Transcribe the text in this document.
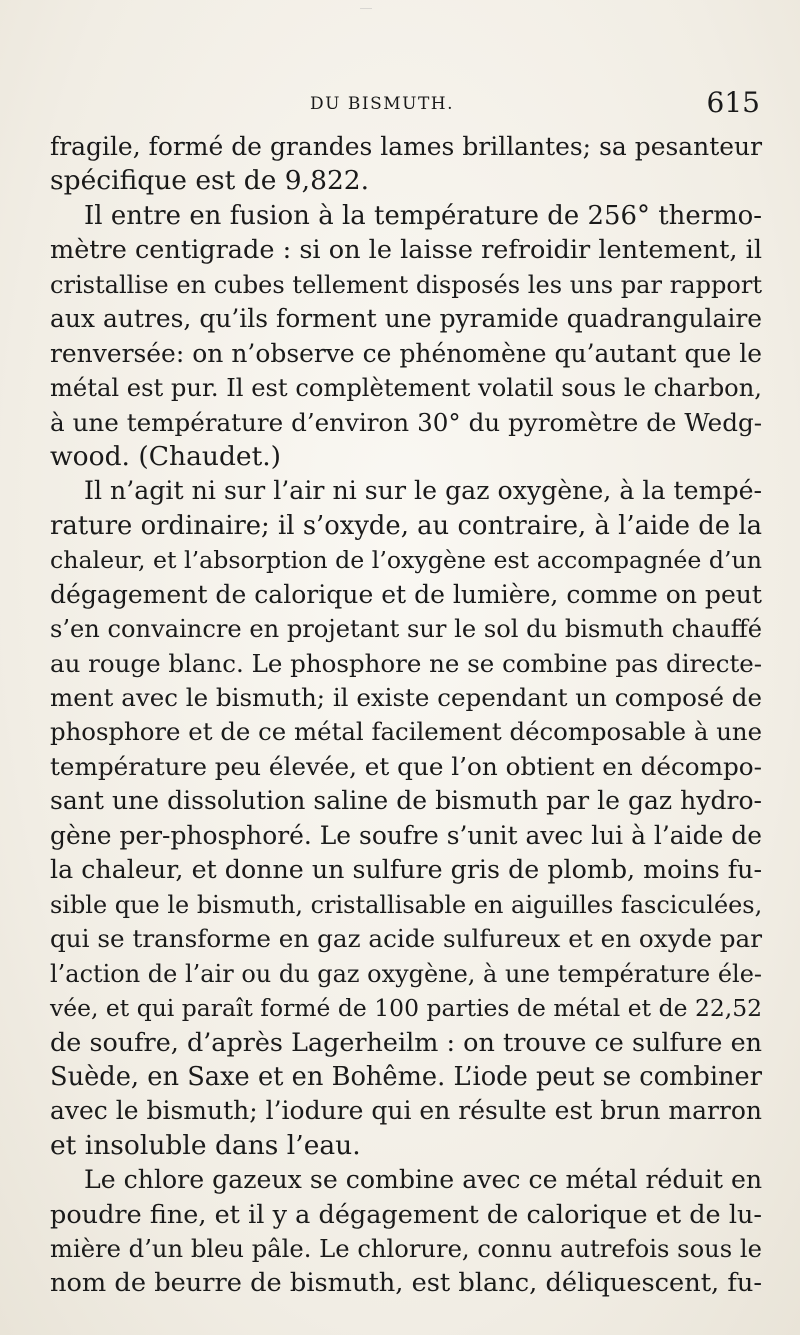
DU BISMUTH.	615
fragile, formé de grandes lames brillantes; sa pesanteur
spécifique est de 9,822.
Il entre en fusion à la température de 256° thermo-
mètre centigrade : si on le laisse refroidir lentement, il
cristallise en cubes tellement disposés les uns par rapport
aux autres, qu’ils forment une pyramide quadrangulaire
renversée: on n’observe ce phénomène qu’autant que le
métal est pur. Il est complètement volatil sous le charbon,
à une température d’environ 30° du pyromètre de Wedg-
wood. (Chaudet.)
Il n’agit ni sur l’air ni sur le gaz oxygène, à la tempé-
rature ordinaire; il s’oxyde, au contraire, à l’aide de la
chaleur, et l’absorption de l’oxygène est accompagnée d’un
dégagement de calorique et de lumière, comme on peut
s’en convaincre en projetant sur le sol du bismuth chauffé
au rouge blanc. Le phosphore ne se combine pas directe-
ment avec le bismuth; il existe cependant un composé de
phosphore et de ce métal facilement décomposable à une
température peu élevée, et que l’on obtient en décompo-
sant une dissolution saline de bismuth par le gaz hydro-
gène per-phosphoré. Le soufre s’unit avec lui à l’aide de
la chaleur, et donne un sulfure gris de plomb, moins fu-
sible que le bismuth, cristallisable en aiguilles fasciculées,
qui se transforme en gaz acide sulfureux et en oxyde par
l’action de l’air ou du gaz oxygène, à une température éle-
vée, et qui paraît formé de 100 parties de métal et de 22,52
de soufre, d’après Lagerheilm : on trouve ce sulfure en
Suède, en Saxe et en Bohême. L’iode peut se combiner
avec le bismuth; l’iodure qui en résulte est brun marron
et insoluble dans l’eau.
Le chlore gazeux se combine avec ce métal réduit en
poudre fine, et il y a dégagement de calorique et de lu-
mière d’un bleu pâle. Le chlorure, connu autrefois sous le
nom de beurre de bismuth, est blanc, déliquescent, fu-
